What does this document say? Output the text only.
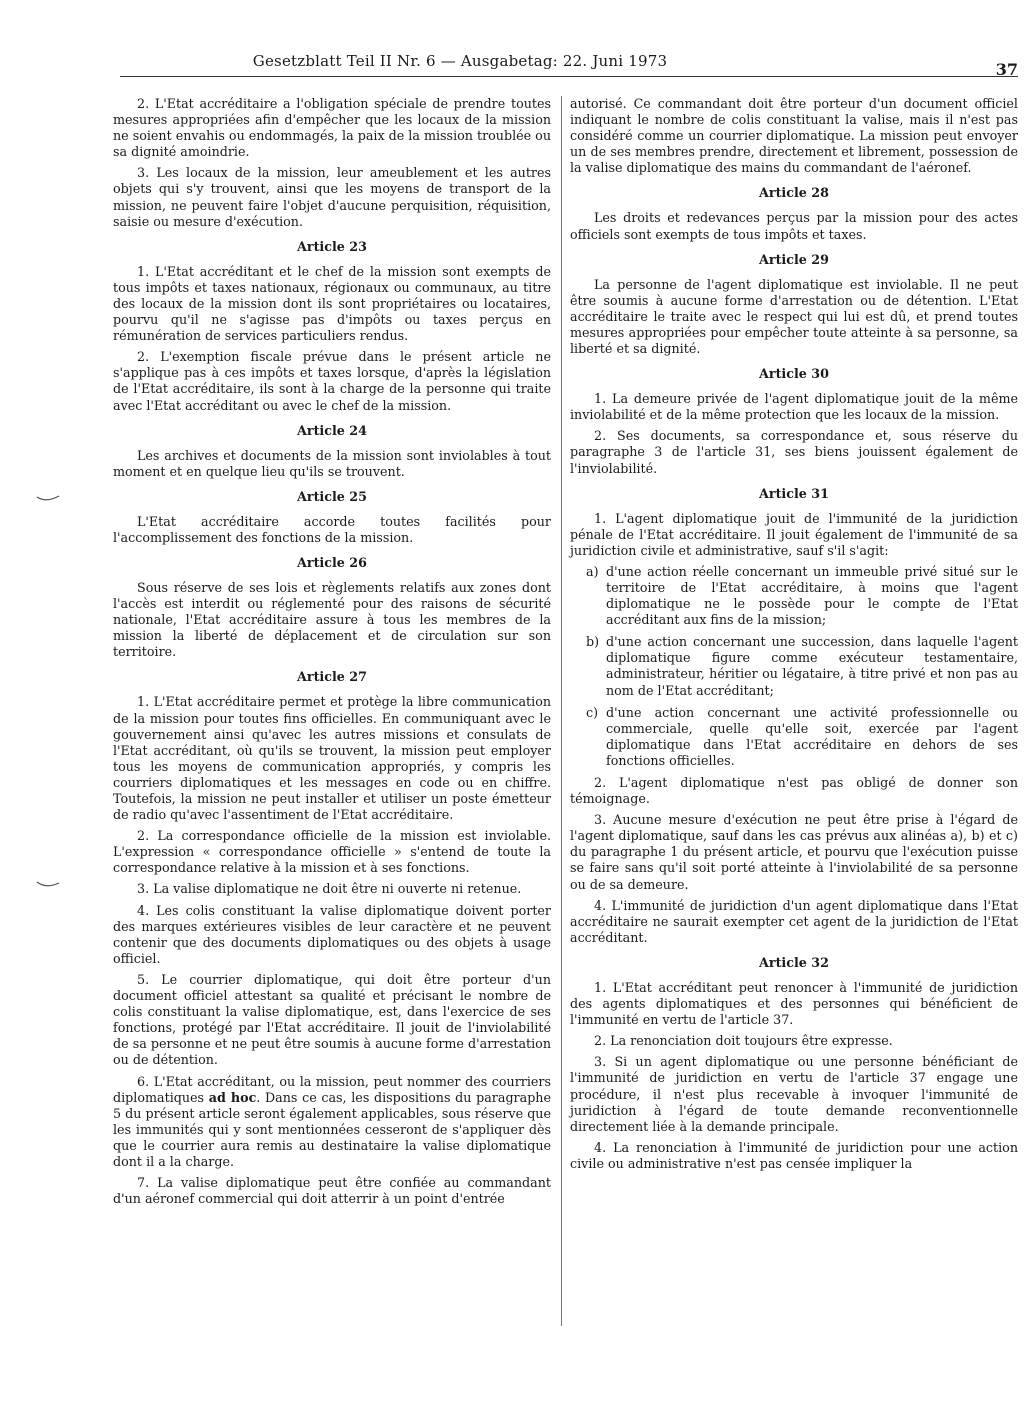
Gesetzblatt Teil II Nr. 6 — Ausgabetag: 22. Juni 1973	37

2. L'Etat accréditaire a l'obligation spéciale de prendre toutes mesures appropriées afin d'empêcher que les locaux de la mission ne soient envahis ou endommagés, la paix de la mission troublée ou sa dignité amoindrie.

3. Les locaux de la mission, leur ameublement et les autres objets qui s'y trouvent, ainsi que les moyens de transport de la mission, ne peuvent faire l'objet d'aucune perquisition, réquisition, saisie ou mesure d'exécution.

Article 23

1. L'Etat accréditant et le chef de la mission sont exempts de tous impôts et taxes nationaux, régionaux ou communaux, au titre des locaux de la mission dont ils sont propriétaires ou locataires, pourvu qu'il ne s'agisse pas d'impôts ou taxes perçus en rémunération de services particuliers rendus.

2. L'exemption fiscale prévue dans le présent article ne s'applique pas à ces impôts et taxes lorsque, d'après la législation de l'Etat accréditaire, ils sont à la charge de la personne qui traite avec l'Etat accréditant ou avec le chef de la mission.

Article 24

Les archives et documents de la mission sont inviolables à tout moment et en quelque lieu qu'ils se trouvent.

Article 25

L'Etat accréditaire accorde toutes facilités pour l'accomplissement des fonctions de la mission.

Article 26

Sous réserve de ses lois et règlements relatifs aux zones dont l'accès est interdit ou réglementé pour des raisons de sécurité nationale, l'Etat accréditaire assure à tous les membres de la mission la liberté de déplacement et de circulation sur son territoire.

Article 27

1. L'Etat accréditaire permet et protège la libre communication de la mission pour toutes fins officielles. En communiquant avec le gouvernement ainsi qu'avec les autres missions et consulats de l'Etat accréditant, où qu'ils se trouvent, la mission peut employer tous les moyens de communication appropriés, y compris les courriers diplomatiques et les messages en code ou en chiffre. Toutefois, la mission ne peut installer et utiliser un poste émetteur de radio qu'avec l'assentiment de l'Etat accréditaire.

2. La correspondance officielle de la mission est inviolable. L'expression « correspondance officielle » s'entend de toute la correspondance relative à la mission et à ses fonctions.

3. La valise diplomatique ne doit être ni ouverte ni retenue.

4. Les colis constituant la valise diplomatique doivent porter des marques extérieures visibles de leur caractère et ne peuvent contenir que des documents diplomatiques ou des objets à usage officiel.

5. Le courrier diplomatique, qui doit être porteur d'un document officiel attestant sa qualité et précisant le nombre de colis constituant la valise diplomatique, est, dans l'exercice de ses fonctions, protégé par l'Etat accréditaire. Il jouit de l'inviolabilité de sa personne et ne peut être soumis à aucune forme d'arrestation ou de détention.

6. L'Etat accréditant, ou la mission, peut nommer des courriers diplomatiques ad hoc. Dans ce cas, les dispositions du paragraphe 5 du présent article seront également applicables, sous réserve que les immunités qui y sont mentionnées cesseront de s'appliquer dès que le courrier aura remis au destinataire la valise diplomatique dont il a la charge.

7. La valise diplomatique peut être confiée au commandant d'un aéronef commercial qui doit atterrir à un point d'entrée

autorisé. Ce commandant doit être porteur d'un document officiel indiquant le nombre de colis constituant la valise, mais il n'est pas considéré comme un courrier diplomatique. La mission peut envoyer un de ses membres prendre, directement et librement, possession de la valise diplomatique des mains du commandant de l'aéronef.

Article 28

Les droits et redevances perçus par la mission pour des actes officiels sont exempts de tous impôts et taxes.

Article 29

La personne de l'agent diplomatique est inviolable. Il ne peut être soumis à aucune forme d'arrestation ou de détention. L'Etat accréditaire le traite avec le respect qui lui est dû, et prend toutes mesures appropriées pour empêcher toute atteinte à sa personne, sa liberté et sa dignité.

Article 30

1. La demeure privée de l'agent diplomatique jouit de la même inviolabilité et de la même protection que les locaux de la mission.

2. Ses documents, sa correspondance et, sous réserve du paragraphe 3 de l'article 31, ses biens jouissent également de l'inviolabilité.

Article 31

1. L'agent diplomatique jouit de l'immunité de la juridiction pénale de l'Etat accréditaire. Il jouit également de l'immunité de sa juridiction civile et administrative, sauf s'il s'agit:

a) d'une action réelle concernant un immeuble privé situé sur le territoire de l'Etat accréditaire, à moins que l'agent diplomatique ne le possède pour le compte de l'Etat accréditant aux fins de la mission;
b) d'une action concernant une succession, dans laquelle l'agent diplomatique figure comme exécuteur testamentaire, administrateur, héritier ou légataire, à titre privé et non pas au nom de l'Etat accréditant;
c) d'une action concernant une activité professionnelle ou commerciale, quelle qu'elle soit, exercée par l'agent diplomatique dans l'Etat accréditaire en dehors de ses fonctions officielles.

2. L'agent diplomatique n'est pas obligé de donner son témoignage.

3. Aucune mesure d'exécution ne peut être prise à l'égard de l'agent diplomatique, sauf dans les cas prévus aux alinéas a), b) et c) du paragraphe 1 du présent article, et pourvu que l'exécution puisse se faire sans qu'il soit porté atteinte à l'inviolabilité de sa personne ou de sa demeure.

4. L'immunité de juridiction d'un agent diplomatique dans l'Etat accréditaire ne saurait exempter cet agent de la juridiction de l'Etat accréditant.

Article 32

1. L'Etat accréditant peut renoncer à l'immunité de juridiction des agents diplomatiques et des personnes qui bénéficient de l'immunité en vertu de l'article 37.

2. La renonciation doit toujours être expresse.

3. Si un agent diplomatique ou une personne bénéficiant de l'immunité de juridiction en vertu de l'article 37 engage une procédure, il n'est plus recevable à invoquer l'immunité de juridiction à l'égard de toute demande reconventionnelle directement liée à la demande principale.

4. La renonciation à l'immunité de juridiction pour une action civile ou administrative n'est pas censée impliquer la
